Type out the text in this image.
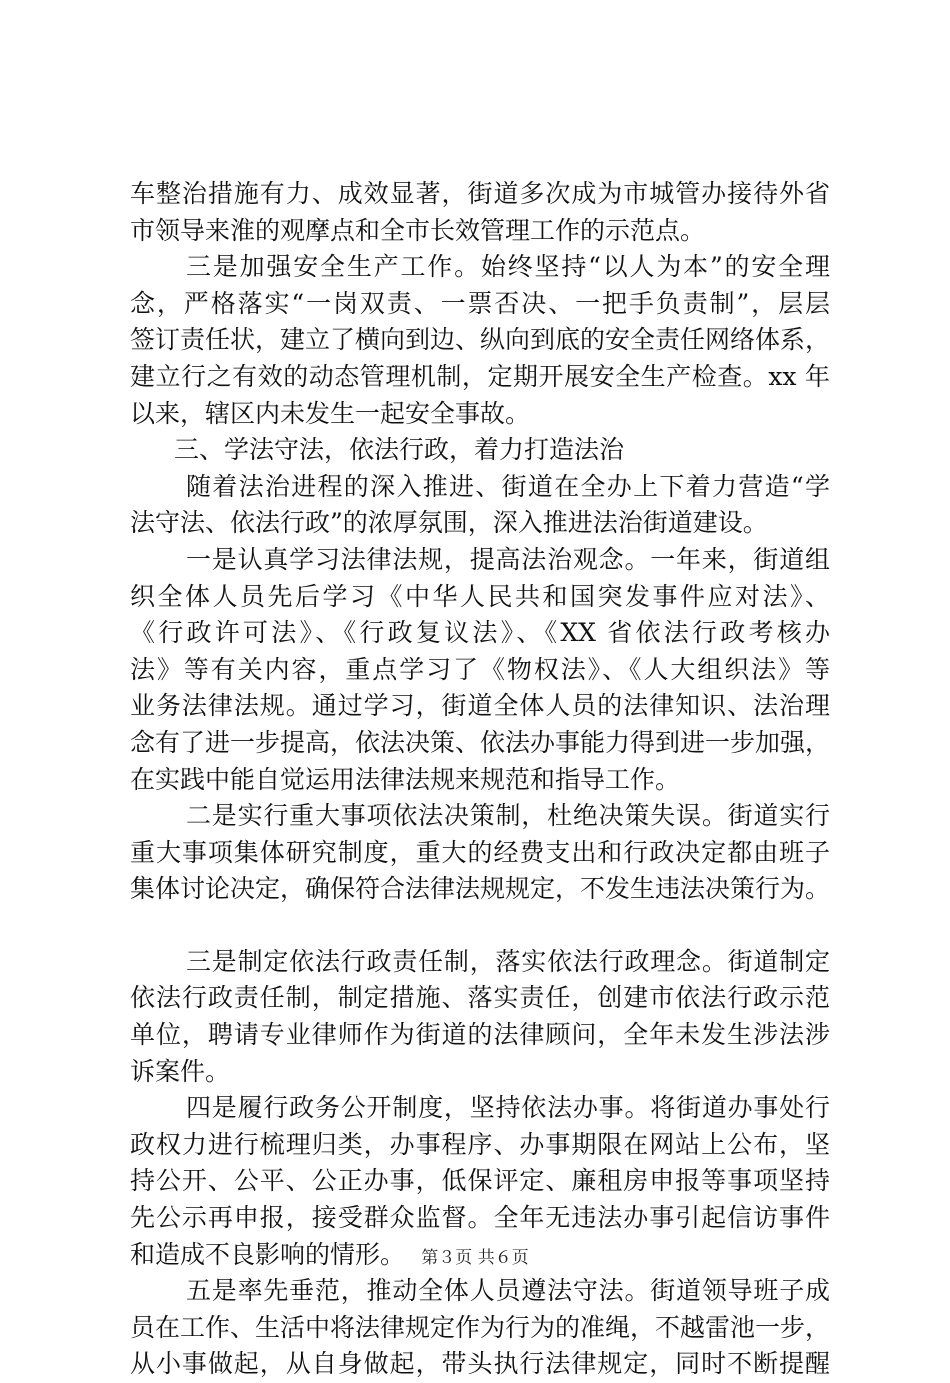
车整治措施有力、成效显著，街道多次成为市城管办接待外省
市领导来淮的观摩点和全市长效管理工作的示范点。
三是加强安全生产工作。始终坚持“以人为本”的安全理
念，严格落实“一岗双责、一票否决、一把手负责制”，层层
签订责任状，建立了横向到边、纵向到底的安全责任网络体系，
建立行之有效的动态管理机制，定期开展安全生产检查。xx 年
以来，辖区内未发生一起安全事故。
三、学法守法，依法行政，着力打造法治
随着法治进程的深入推进、街道在全办上下着力营造“学
法守法、依法行政”的浓厚氛围，深入推进法治街道建设。
一是认真学习法律法规，提高法治观念。一年来，街道组
织全体人员先后学习《中华人民共和国突发事件应对法》、
《行政许可法》、《行政复议法》、《XX 省依法行政考核办
法》等有关内容，重点学习了《物权法》、《人大组织法》等
业务法律法规。通过学习，街道全体人员的法律知识、法治理
念有了进一步提高，依法决策、依法办事能力得到进一步加强，
在实践中能自觉运用法律法规来规范和指导工作。
二是实行重大事项依法决策制，杜绝决策失误。街道实行
重大事项集体研究制度，重大的经费支出和行政决定都由班子
集体讨论决定，确保符合法律法规规定，不发生违法决策行为。
三是制定依法行政责任制，落实依法行政理念。街道制定
依法行政责任制，制定措施、落实责任，创建市依法行政示范
单位，聘请专业律师作为街道的法律顾问，全年未发生涉法涉
诉案件。
四是履行政务公开制度，坚持依法办事。将街道办事处行
政权力进行梳理归类，办事程序、办事期限在网站上公布，坚
持公开、公平、公正办事，低保评定、廉租房申报等事项坚持
先公示再申报，接受群众监督。全年无违法办事引起信访事件
和造成不良影响的情形。
五是率先垂范，推动全体人员遵法守法。街道领导班子成
员在工作、生活中将法律规定作为行为的准绳，不越雷池一步，
从小事做起，从自身做起，带头执行法律规定，同时不断提醒
第３页 共６页
